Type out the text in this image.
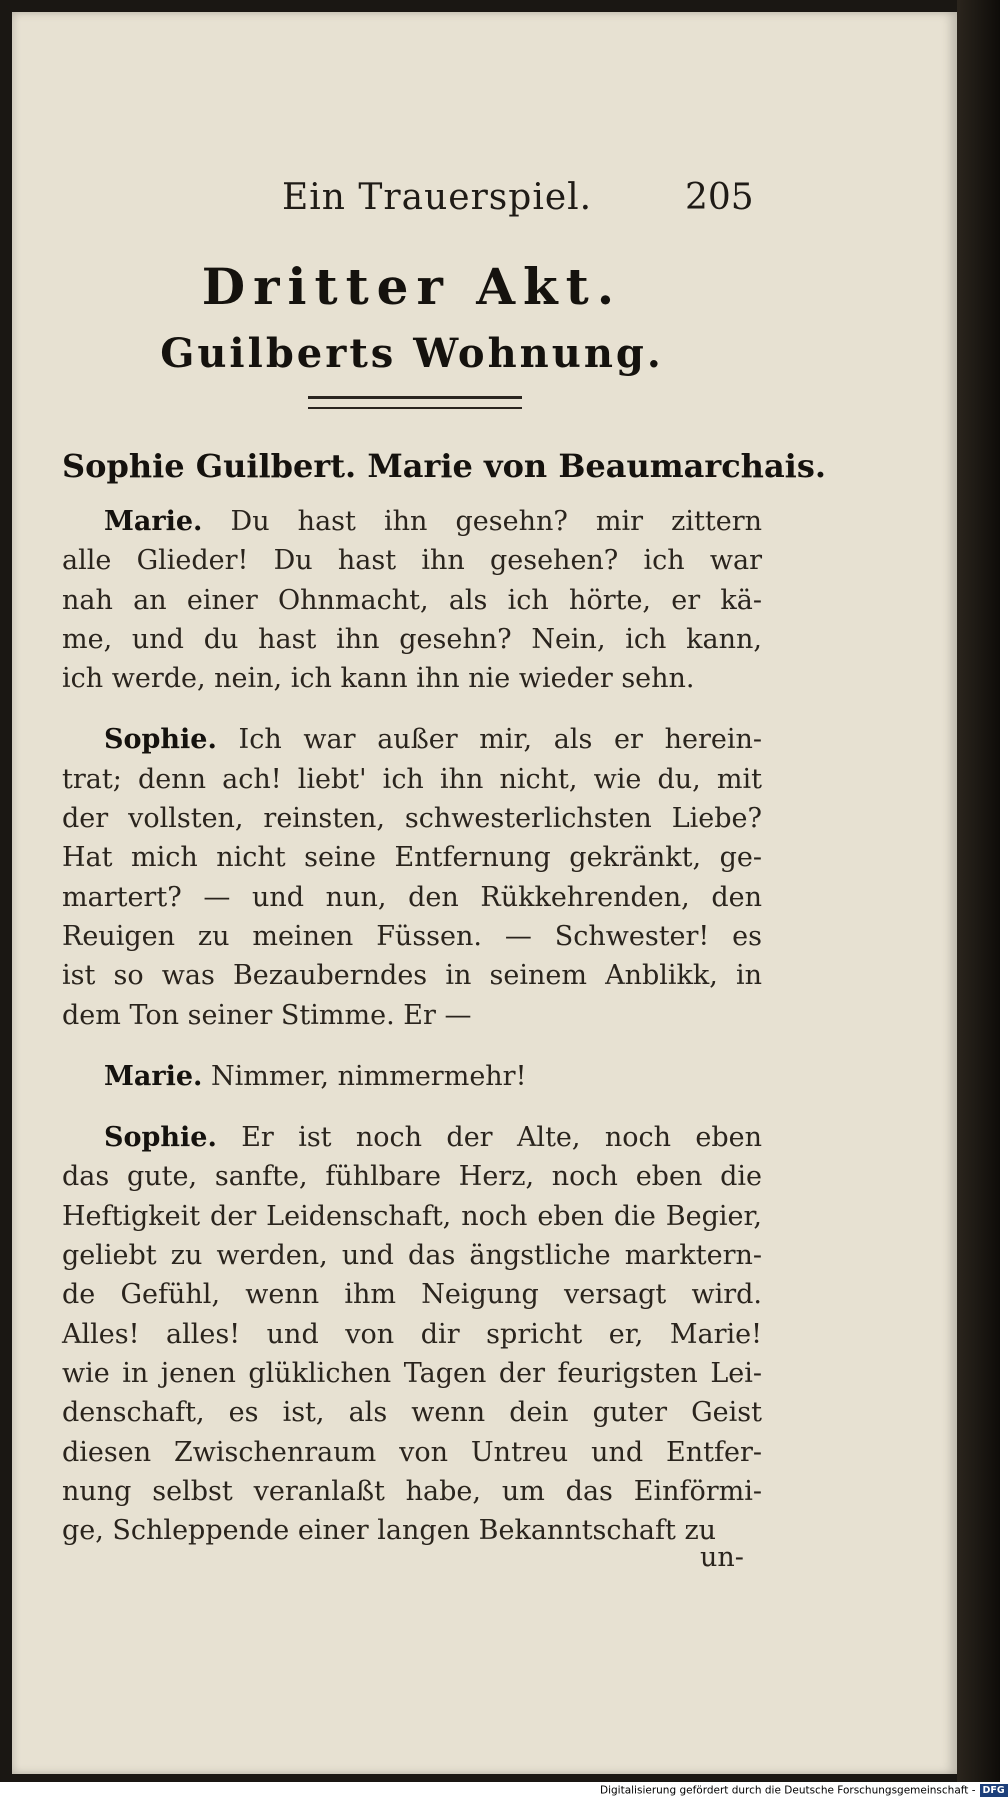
Ein Trauerspiel.	205
Dritter Akt.
Guilberts Wohnung.
Sophie Guilbert. Marie von Beaumarchais.
Marie. Du hast ihn gesehn? mir zittern
alle Glieder! Du hast ihn gesehen? ich war
nah an einer Ohnmacht, als ich hörte, er kä-
me, und du hast ihn gesehn? Nein, ich kann,
ich werde, nein, ich kann ihn nie wieder sehn.
Sophie. Ich war außer mir, als er herein-
trat; denn ach! liebt' ich ihn nicht, wie du, mit
der vollsten, reinsten, schwesterlichsten Liebe?
Hat mich nicht seine Entfernung gekränkt, ge-
martert? — und nun, den Rükkehrenden, den
Reuigen zu meinen Füssen. — Schwester! es
ist so was Bezauberndes in seinem Anblikk, in
dem Ton seiner Stimme. Er —
Marie. Nimmer, nimmermehr!
Sophie. Er ist noch der Alte, noch eben
das gute, sanfte, fühlbare Herz, noch eben die
Heftigkeit der Leidenschaft, noch eben die Begier,
geliebt zu werden, und das ängstliche marktern-
de Gefühl, wenn ihm Neigung versagt wird.
Alles! alles! und von dir spricht er, Marie!
wie in jenen glüklichen Tagen der feurigsten Lei-
denschaft, es ist, als wenn dein guter Geist
diesen Zwischenraum von Untreu und Entfer-
nung selbst veranlaßt habe, um das Einförmi-
ge, Schleppende einer langen Bekanntschaft zu
un-
Digitalisierung gefördert durch die Deutsche Forschungsgemeinschaft - DFG
